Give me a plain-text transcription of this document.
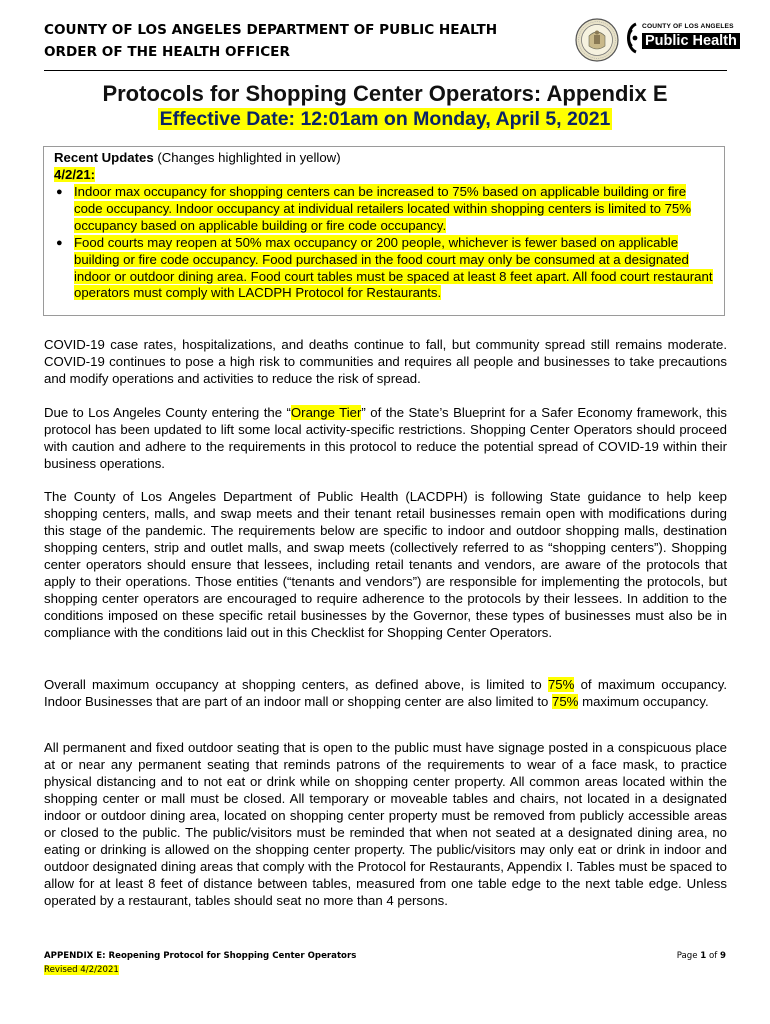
COUNTY OF LOS ANGELES DEPARTMENT OF PUBLIC HEALTH
ORDER OF THE HEALTH OFFICER
COUNTY OF LOS ANGELES
Public Health
Protocols for Shopping Center Operators: Appendix E
Effective Date: 12:01am on Monday, April 5, 2021
Recent Updates (Changes highlighted in yellow)
4/2/21:
● Indoor max occupancy for shopping centers can be increased to 75% based on applicable building or fire code occupancy. Indoor occupancy at individual retailers located within shopping centers is limited to 75% occupancy based on applicable building or fire code occupancy.
● Food courts may reopen at 50% max occupancy or 200 people, whichever is fewer based on applicable building or fire code occupancy. Food purchased in the food court may only be consumed at a designated indoor or outdoor dining area. Food court tables must be spaced at least 8 feet apart. All food court restaurant operators must comply with LACDPH Protocol for Restaurants.
COVID-19 case rates, hospitalizations, and deaths continue to fall, but community spread still remains moderate. COVID-19 continues to pose a high risk to communities and requires all people and businesses to take precautions and modify operations and activities to reduce the risk of spread.
Due to Los Angeles County entering the “Orange Tier” of the State’s Blueprint for a Safer Economy framework, this protocol has been updated to lift some local activity-specific restrictions. Shopping Center Operators should proceed with caution and adhere to the requirements in this protocol to reduce the potential spread of COVID-19 within their business operations.
The County of Los Angeles Department of Public Health (LACDPH) is following State guidance to help keep shopping centers, malls, and swap meets and their tenant retail businesses remain open with modifications during this stage of the pandemic. The requirements below are specific to indoor and outdoor shopping malls, destination shopping centers, strip and outlet malls, and swap meets (collectively referred to as “shopping centers”). Shopping center operators should ensure that lessees, including retail tenants and vendors, are aware of the protocols that apply to their operations. Those entities (“tenants and vendors”) are responsible for implementing the protocols, but shopping center operators are encouraged to require adherence to the protocols by their lessees. In addition to the conditions imposed on these specific retail businesses by the Governor, these types of businesses must also be in compliance with the conditions laid out in this Checklist for Shopping Center Operators.
Overall maximum occupancy at shopping centers, as defined above, is limited to 75% of maximum occupancy. Indoor Businesses that are part of an indoor mall or shopping center are also limited to 75% maximum occupancy.
All permanent and fixed outdoor seating that is open to the public must have signage posted in a conspicuous place at or near any permanent seating that reminds patrons of the requirements to wear of a face mask, to practice physical distancing and to not eat or drink while on shopping center property. All common areas located within the shopping center or mall must be closed. All temporary or moveable tables and chairs, not located in a designated indoor or outdoor dining area, located on shopping center property must be removed from publicly accessible areas or closed to the public. The public/visitors must be reminded that when not seated at a designated dining area, no eating or drinking is allowed on the shopping center property. The public/visitors may only eat or drink in indoor and outdoor designated dining areas that comply with the Protocol for Restaurants, Appendix I. Tables must be spaced to allow for at least 8 feet of distance between tables, measured from one table edge to the next table edge. Unless operated by a restaurant, tables should seat no more than 4 persons.
APPENDIX E: Reopening Protocol for Shopping Center Operators
Revised 4/2/2021
Page 1 of 9
